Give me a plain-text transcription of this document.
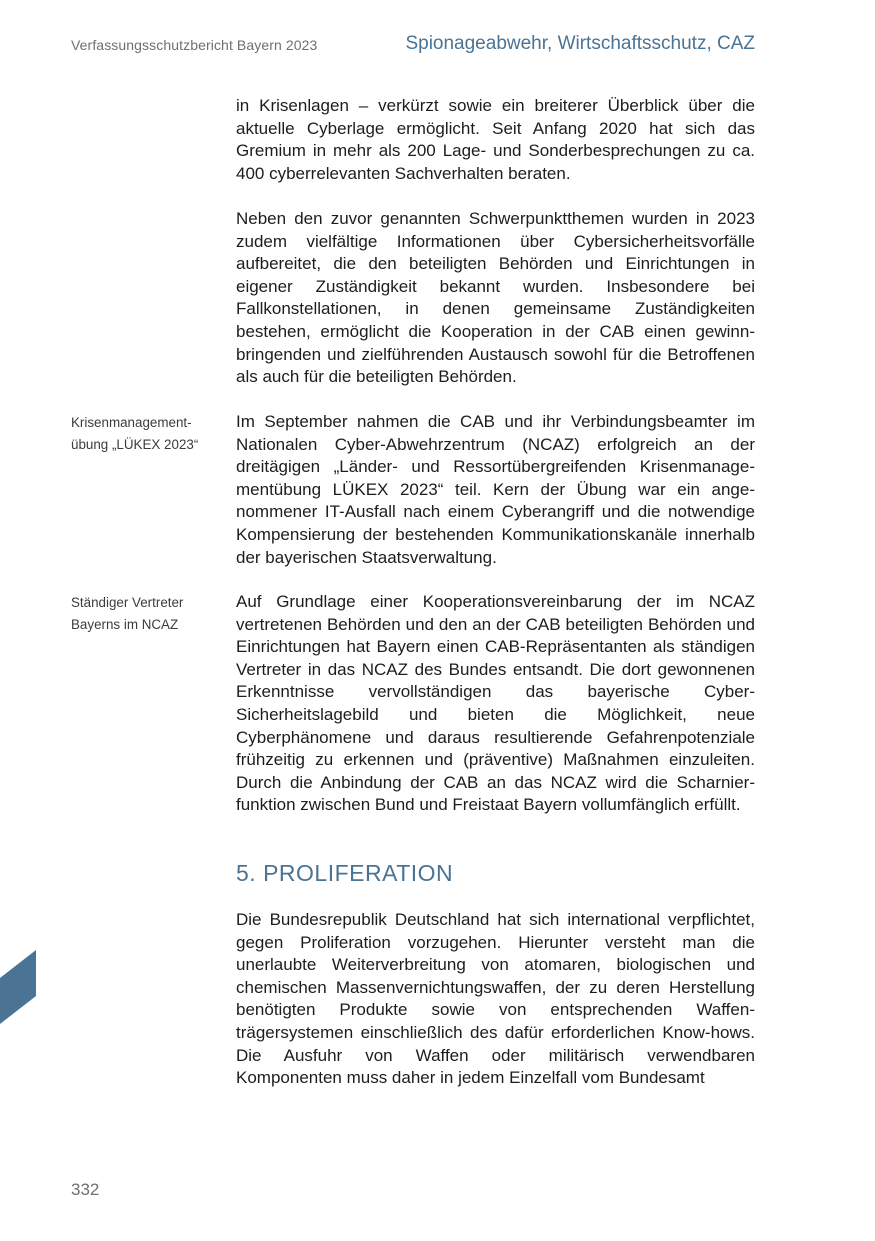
Verfassungsschutzbericht Bayern 2023	Spionageabwehr, Wirtschaftsschutz, CAZ

in Krisenlagen – verkürzt sowie ein breiterer Überblick über die aktuelle Cyberlage ermöglicht. Seit Anfang 2020 hat sich das Gremium in mehr als 200 Lage- und Sonderbesprechungen zu ca. 400 cyberrelevanten Sachverhalten beraten.

Neben den zuvor genannten Schwerpunktthemen wurden in 2023 zudem vielfältige Informationen über Cybersicherheitsvorfälle aufbereitet, die den beteiligten Behörden und Einrichtungen in eigener Zuständigkeit bekannt wurden. Insbesondere bei Fallkonstellationen, in denen gemeinsame Zuständigkeiten bestehen, ermöglicht die Kooperation in der CAB einen gewinnbringenden und zielführenden Austausch sowohl für die Betroffenen als auch für die beteiligten Behörden.

Krisenmanagementübung „LÜKEX 2023“

Im September nahmen die CAB und ihr Verbindungsbeamter im Nationalen Cyber-Abwehrzentrum (NCAZ) erfolgreich an der dreitägigen „Länder- und Ressortübergreifenden Krisenmanagementübung LÜKEX 2023“ teil. Kern der Übung war ein angenommener IT-Ausfall nach einem Cyberangriff und die notwendige Kompensierung der bestehenden Kommunikationskanäle innerhalb der bayerischen Staatsverwaltung.

Ständiger Vertreter Bayerns im NCAZ

Auf Grundlage einer Kooperationsvereinbarung der im NCAZ vertretenen Behörden und den an der CAB beteiligten Behörden und Einrichtungen hat Bayern einen CAB-Repräsentanten als ständigen Vertreter in das NCAZ des Bundes entsandt. Die dort gewonnenen Erkenntnisse vervollständigen das bayerische Cyber-Sicherheitslagebild und bieten die Möglichkeit, neue Cyberphänomene und daraus resultierende Gefahrenpotenziale frühzeitig zu erkennen und (präventive) Maßnahmen einzuleiten. Durch die Anbindung der CAB an das NCAZ wird die Scharnierfunktion zwischen Bund und Freistaat Bayern vollumfänglich erfüllt.

5. PROLIFERATION

Die Bundesrepublik Deutschland hat sich international verpflichtet, gegen Proliferation vorzugehen. Hierunter versteht man die unerlaubte Weiterverbreitung von atomaren, biologischen und chemischen Massenvernichtungswaffen, der zu deren Herstellung benötigten Produkte sowie von entsprechenden Waffenträgersystemen einschließlich des dafür erforderlichen Know-hows. Die Ausfuhr von Waffen oder militärisch verwendbaren Komponenten muss daher in jedem Einzelfall vom Bundesamt

332
